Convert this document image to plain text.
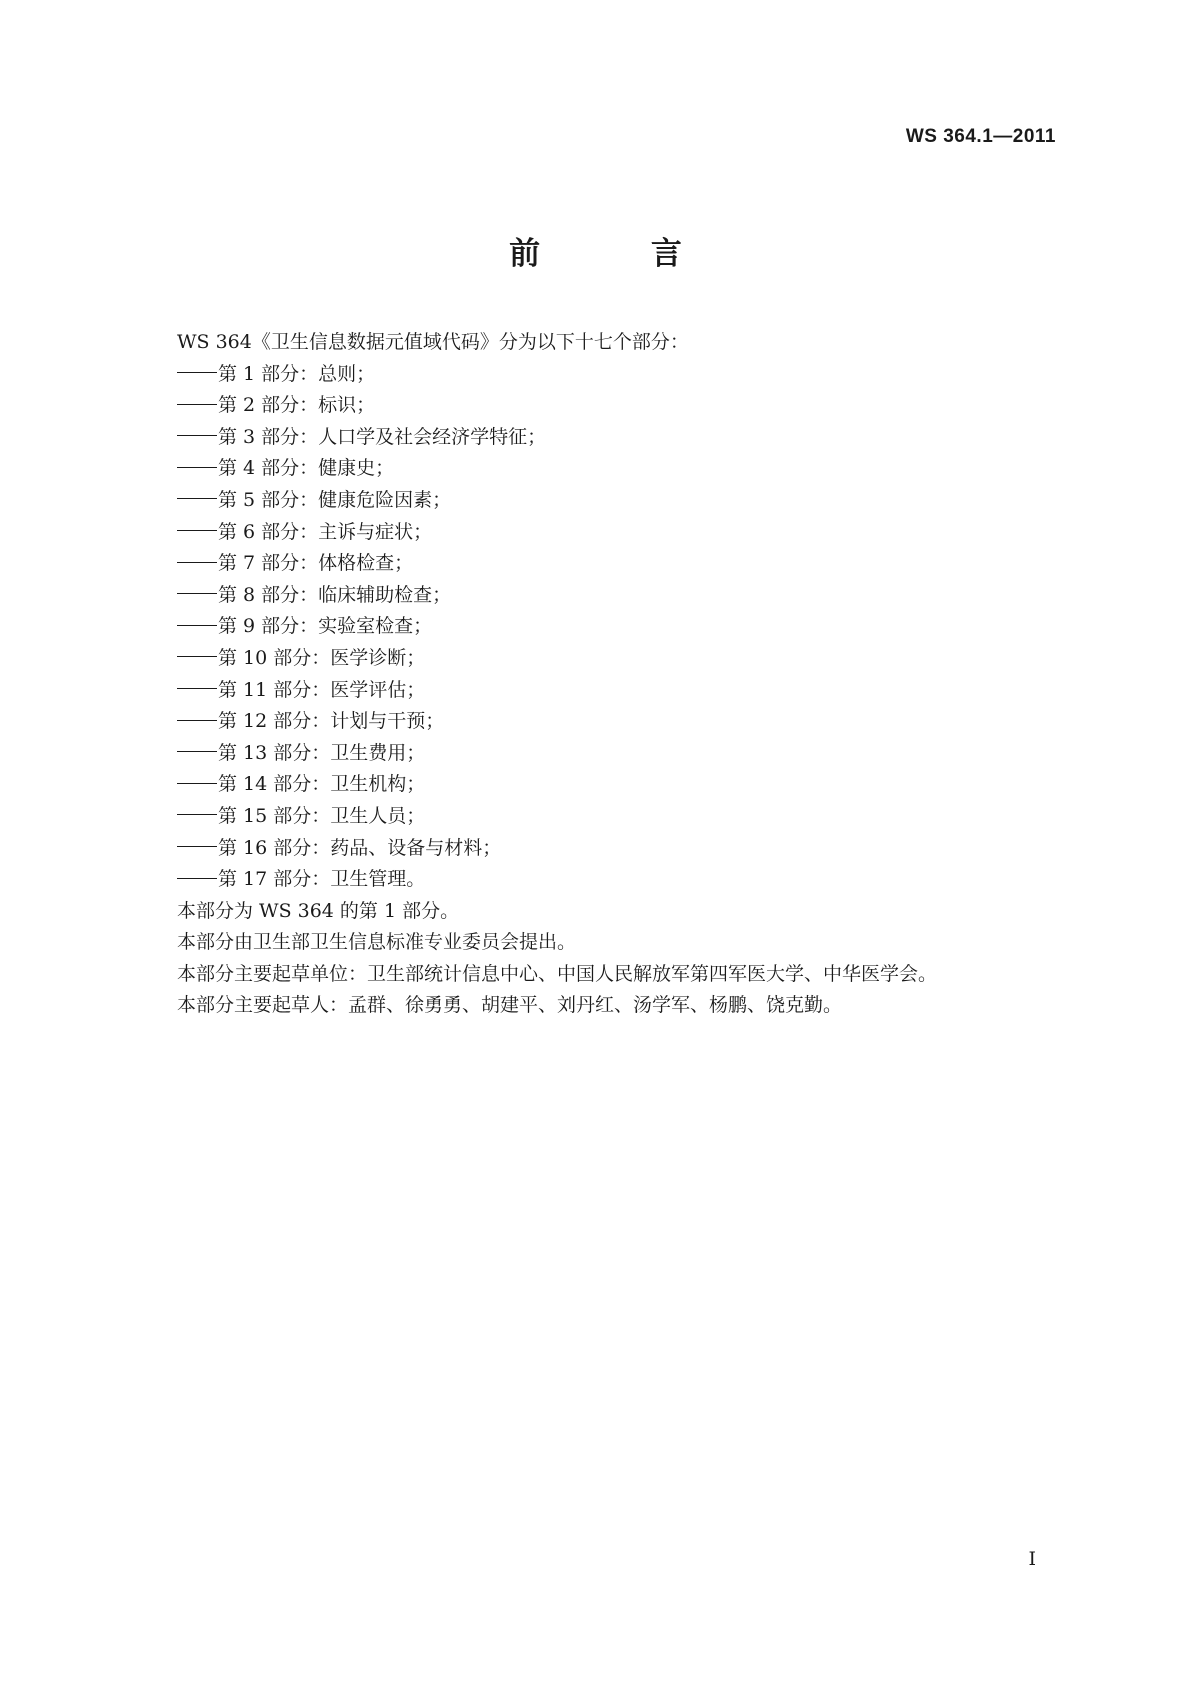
WS 364.1—2011
前 言
WS 364《卫生信息数据元值域代码》分为以下十七个部分：
第 1 部分：总则；
第 2 部分：标识；
第 3 部分：人口学及社会经济学特征；
第 4 部分：健康史；
第 5 部分：健康危险因素；
第 6 部分：主诉与症状；
第 7 部分：体格检查；
第 8 部分：临床辅助检查；
第 9 部分：实验室检查；
第 10 部分：医学诊断；
第 11 部分：医学评估；
第 12 部分：计划与干预；
第 13 部分：卫生费用；
第 14 部分：卫生机构；
第 15 部分：卫生人员；
第 16 部分：药品、设备与材料；
第 17 部分：卫生管理。
本部分为 WS 364 的第 1 部分。
本部分由卫生部卫生信息标准专业委员会提出。
本部分主要起草单位：卫生部统计信息中心、中国人民解放军第四军医大学、中华医学会。
本部分主要起草人：孟群、徐勇勇、胡建平、刘丹红、汤学军、杨鹏、饶克勤。
I
